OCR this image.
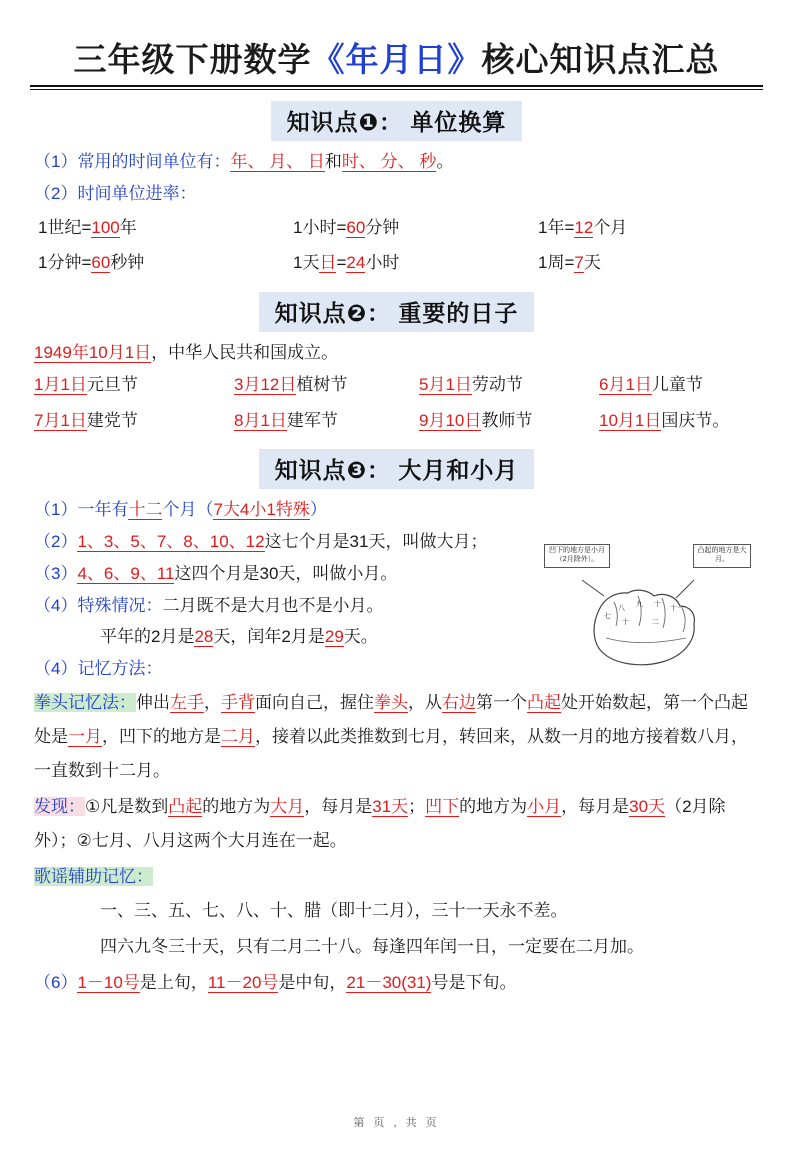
三年级下册数学《年月日》核心知识点汇总
知识点❶： 单位换算
（1）常用的时间单位有：年、 月、 日和时、 分、 秒。
（2）时间单位进率：
1世纪=100年	1小时=60分钟	1年=12个月
1分钟=60秒钟	1天日=24小时	1周=7天
知识点❷： 重要的日子
1949年10月1日，中华人民共和国成立。
1月1日元旦节	3月12日植树节	5月1日劳动节	6月1日儿童节
7月1日建党节	8月1日建军节	9月10日教师节	10月1日国庆节。
知识点❸： 大月和小月
（1）一年有十二个月（7大4小1特殊）
（2）1、3、5、7、8、10、12这七个月是31天，叫做大月；
（3）4、6、9、11这四个月是30天，叫做小月。
（4）特殊情况：二月既不是大月也不是小月。
平年的2月是28天，闰年2月是29天。
（4）记忆方法：
拳头记忆法：伸出左手，手背面向自己，握住拳头，从右边第一个凸起处开始数起，第一个凸起处是一月，凹下的地方是二月，接着以此类推数到七月，转回来，从数一月的地方接着数八月，一直数到十二月。
发现：①凡是数到凸起的地方为大月，每月是31天；凹下的地方为小月，每月是30天（2月除外）；②七月、八月这两个大月连在一起。
歌谣辅助记忆：
一、三、五、七、八、十、腊（即十二月），三十一天永不差。
四六九冬三十天，只有二月二十八。每逢四年闰一日，一定要在二月加。
（6）1－10号是上旬，11－20号是中旬，21－30(31)号是下旬。
凹下的地方是小月（2月除外）。
凸起的地方是大月。
七
八
九 十
十一
十	二
第 页 , 共 页
